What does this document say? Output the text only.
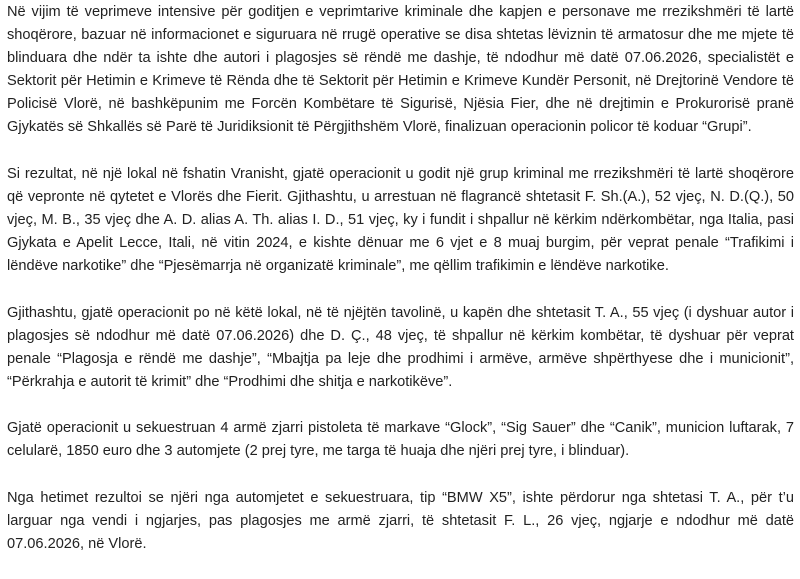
Në vijim të veprimeve intensive për goditjen e veprimtarive kriminale dhe kapjen e personave me rrezikshmëri të lartë shoqërore, bazuar në informacionet e siguruara në rrugë operative se disa shtetas lëviznin të armatosur dhe me mjete të blinduara dhe ndër ta ishte dhe autori i plagosjes së rëndë me dashje, të ndodhur më datë 07.06.2026, specialistët e Sektorit për Hetimin e Krimeve të Rënda dhe të Sektorit për Hetimin e Krimeve Kundër Personit, në Drejtorinë Vendore të Policisë Vlorë, në bashkëpunim me Forcën Kombëtare të Sigurisë, Njësia Fier, dhe në drejtimin e Prokurorisë pranë Gjykatës së Shkallës së Parë të Juridiksionit të Përgjithshëm Vlorë, finalizuan operacionin policor të koduar “Grupi”.

Si rezultat, në një lokal në fshatin Vranisht, gjatë operacionit u godit një grup kriminal me rrezikshmëri të lartë shoqërore që vepronte në qytetet e Vlorës dhe Fierit. Gjithashtu, u arrestuan në flagrancë shtetasit F. Sh.(A.), 52 vjeç, N. D.(Q.), 50 vjeç, M. B., 35 vjeç dhe A. D. alias A. Th. alias I. D., 51 vjeç, ky i fundit i shpallur në kërkim ndërkombëtar, nga Italia, pasi Gjykata e Apelit Lecce, Itali, në vitin 2024, e kishte dënuar me 6 vjet e 8 muaj burgim, për veprat penale “Trafikimi i lëndëve narkotike” dhe “Pjesëmarrja në organizatë kriminale”, me qëllim trafikimin e lëndëve narkotike.

Gjithashtu, gjatë operacionit po në këtë lokal, në të njëjtën tavolinë, u kapën dhe shtetasit T. A., 55 vjeç (i dyshuar autor i plagosjes së ndodhur më datë 07.06.2026) dhe D. Ç., 48 vjeç, të shpallur në kërkim kombëtar, të dyshuar për veprat penale “Plagosja e rëndë me dashje”, “Mbajtja pa leje dhe prodhimi i armëve, armëve shpërthyese dhe i municionit”, “Përkrahja e autorit të krimit” dhe “Prodhimi dhe shitja e narkotikëve”.

Gjatë operacionit u sekuestruan 4 armë zjarri pistoleta të markave “Glock”, “Sig Sauer” dhe “Canik”, municion luftarak, 7 celularë, 1850 euro dhe 3 automjete (2 prej tyre, me targa të huaja dhe njëri prej tyre, i blinduar).

Nga hetimet rezultoi se njëri nga automjetet e sekuestruara, tip “BMW X5”, ishte përdorur nga shtetasi T. A., për t’u larguar nga vendi i ngjarjes, pas plagosjes me armë zjarri, të shtetasit F. L., 26 vjeç, ngjarje e ndodhur më datë 07.06.2026, në Vlorë.
